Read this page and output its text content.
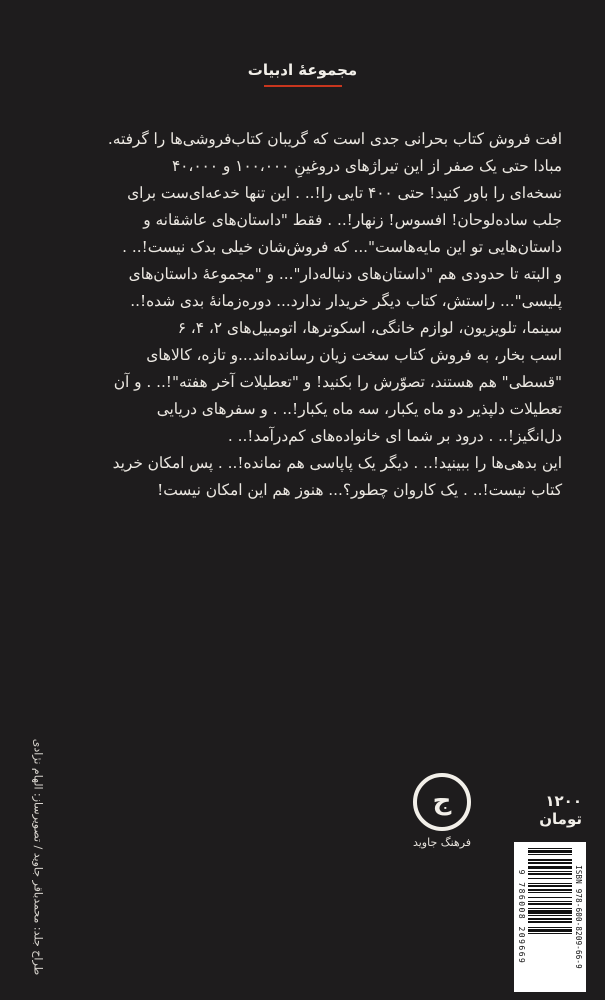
مجموعهٔ ادبیات

افت فروش کتاب بحرانی جدی است که گریبان کتاب‌فروشی‌ها را گرفته.
مبادا حتی یک صفر از این تیراژهای دروغینِ ۱۰۰،۰۰۰ و ۴۰،۰۰۰
نسخه‌ای را باور کنید! حتی ۴۰۰ تایی را!.. . این تنها خدعه‌ای‌ست برای
جلب ساده‌لوحان! افسوس! زنهار!.. . فقط "داستان‌های عاشقانه و
داستان‌هایی تو این مایه‌هاست"... که فروش‌شان خیلی بدک نیست!.. .
و البته تا حدودی هم "داستان‌های دنباله‌دار"... و "مجموعهٔ داستان‌های
پلیسی"... راستش، کتاب دیگر خریدار ندارد... دوره‌زمانهٔ بدی شده!..
سینما، تلویزیون، لوازم خانگی، اسکوترها، اتومبیل‌های ۲، ۴، ۶
اسب بخار، به فروش کتاب سخت زیان رسانده‌اند...و تازه، کالاهای
"قسطی" هم هستند، تصوّرش را بکنید! و "تعطیلات آخر هفته"!.. . و آن
تعطیلات دلپذیر دو ماه یکبار، سه ماه یکبار!.. . و سفرهای دریایی
دل‌انگیز!.. . درود بر شما ای خانواده‌های کم‌درآمد!.. .
این بدهی‌ها را ببینید!.. . دیگر یک پاپاسی هم نمانده!.. . پس امکان خرید
کتاب نیست!.. . یک کاروان چطور؟... هنوز هم این امکان نیست!

طراح جلد: محمدباقر جاوید / تصویرساز: الهام نژادی	ج
فرهنگ جاوید
۱۲۰۰ تومان
ISBN 978-600-8209-66-9
9 786008 209669
